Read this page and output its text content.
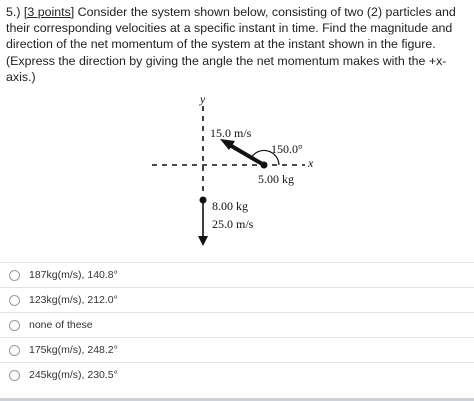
5.) [3 points] Consider the system shown below, consisting of two (2) particles and their corresponding velocities at a specific instant in time. Find the magnitude and direction of the net momentum of the system at the instant shown in the figure. (Express the direction by giving the angle the net momentum makes with the +x-axis.)
y
x
15.0 m/s
150.0°
5.00 kg
8.00 kg
25.0 m/s
187kg(m/s), 140.8°
123kg(m/s), 212.0°
none of these
175kg(m/s), 248.2°
245kg(m/s), 230.5°
